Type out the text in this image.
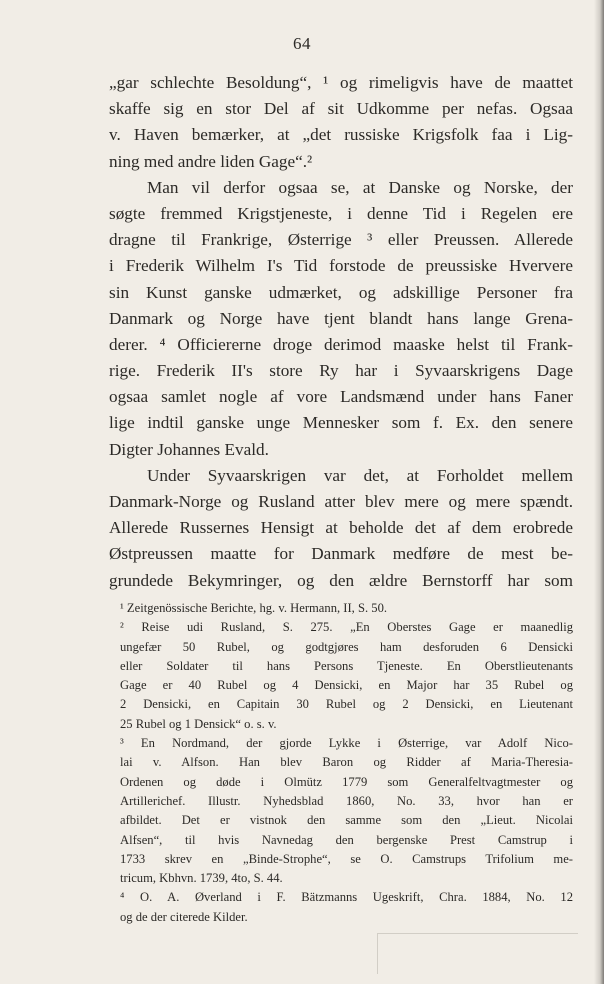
64
„gar schlechte Besoldung“, ¹ og rimeligvis have de maattet
skaffe sig en stor Del af sit Udkomme per nefas. Ogsaa
v. Haven bemærker, at „det russiske Krigsfolk faa i Lig-
ning med andre liden Gage“.²
Man vil derfor ogsaa se, at Danske og Norske, der
søgte fremmed Krigstjeneste, i denne Tid i Regelen ere
dragne til Frankrige, Østerrige ³ eller Preussen. Allerede
i Frederik Wilhelm I's Tid forstode de preussiske Hververe
sin Kunst ganske udmærket, og adskillige Personer fra
Danmark og Norge have tjent blandt hans lange Grena-
derer. ⁴ Officiererne droge derimod maaske helst til Frank-
rige. Frederik II's store Ry har i Syvaarskrigens Dage
ogsaa samlet nogle af vore Landsmænd under hans Faner
lige indtil ganske unge Mennesker som f. Ex. den senere
Digter Johannes Evald.
Under Syvaarskrigen var det, at Forholdet mellem
Danmark-Norge og Rusland atter blev mere og mere spændt.
Allerede Russernes Hensigt at beholde det af dem erobrede
Østpreussen maatte for Danmark medføre de mest be-
grundede Bekymringer, og den ældre Bernstorff har som
¹ Zeitgenössische Berichte, hg. v. Hermann, II, S. 50.
² Reise udi Rusland, S. 275. „En Oberstes Gage er maanedlig
ungefær 50 Rubel, og godtgjøres ham desforuden 6 Densicki
eller Soldater til hans Persons Tjeneste. En Oberstlieutenants
Gage er 40 Rubel og 4 Densicki, en Major har 35 Rubel og
2 Densicki, en Capitain 30 Rubel og 2 Densicki, en Lieutenant
25 Rubel og 1 Densick“ o. s. v.
³ En Nordmand, der gjorde Lykke i Østerrige, var Adolf Nico-
lai v. Alfson. Han blev Baron og Ridder af Maria-Theresia-
Ordenen og døde i Olmütz 1779 som Generalfeltvagtmester og
Artillerichef. Illustr. Nyhedsblad 1860, No. 33, hvor han er
afbildet. Det er vistnok den samme som den „Lieut. Nicolai
Alfsen“, til hvis Navnedag den bergenske Prest Camstrup i
1733 skrev en „Binde-Strophe“, se O. Camstrups Trifolium me-
tricum, Kbhvn. 1739, 4to, S. 44.
⁴ O. A. Øverland i F. Bätzmanns Ugeskrift, Chra. 1884, No. 12
og de der citerede Kilder.
